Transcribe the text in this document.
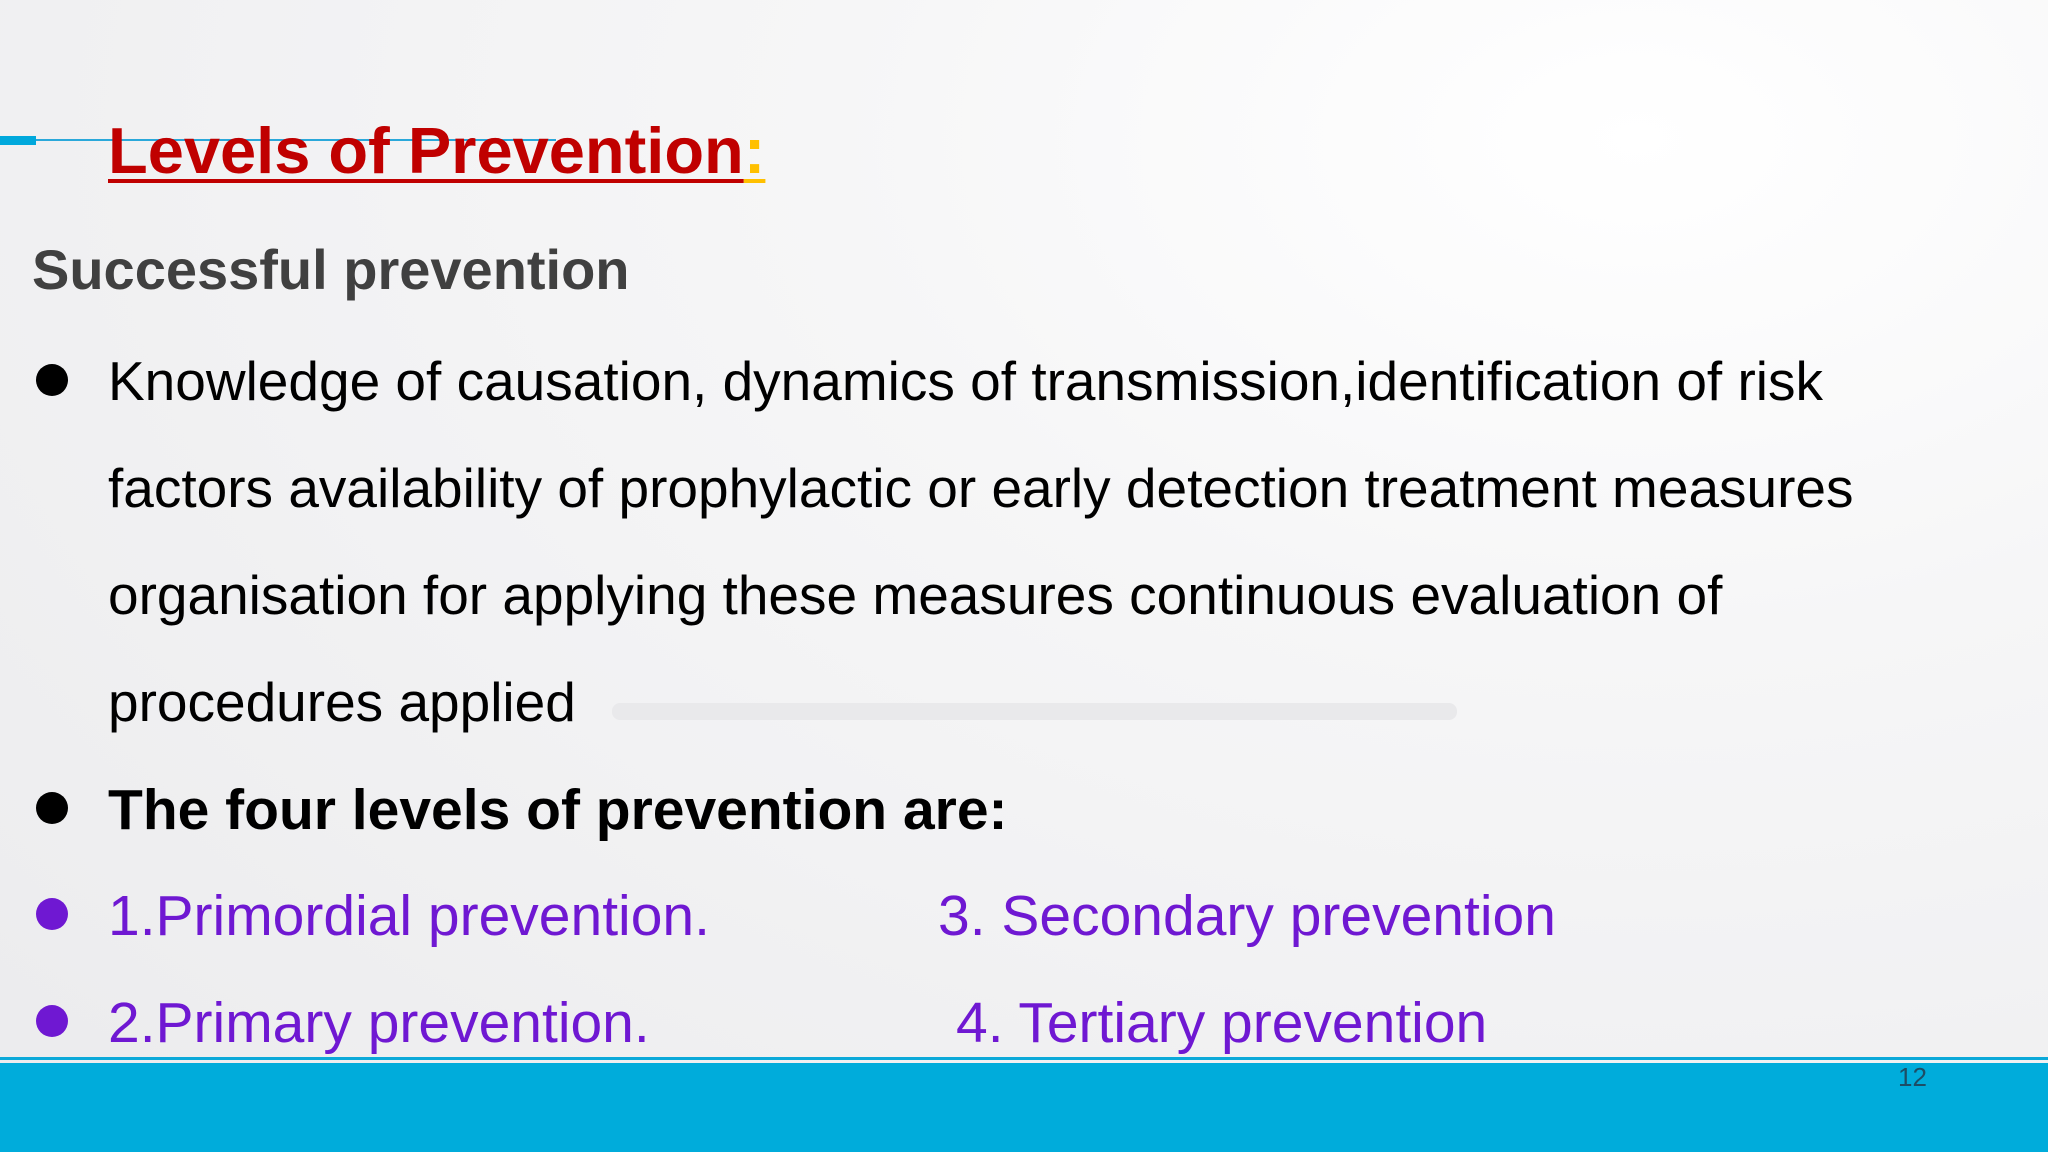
Levels of Prevention:
Successful prevention
Knowledge of causation, dynamics of transmission,identification of risk
factors availability of prophylactic or early detection treatment measures
organisation for applying these measures continuous evaluation of
procedures applied
The four levels of prevention are:
1.Primordial prevention.	3. Secondary prevention
2.Primary prevention.	4. Tertiary prevention
12
